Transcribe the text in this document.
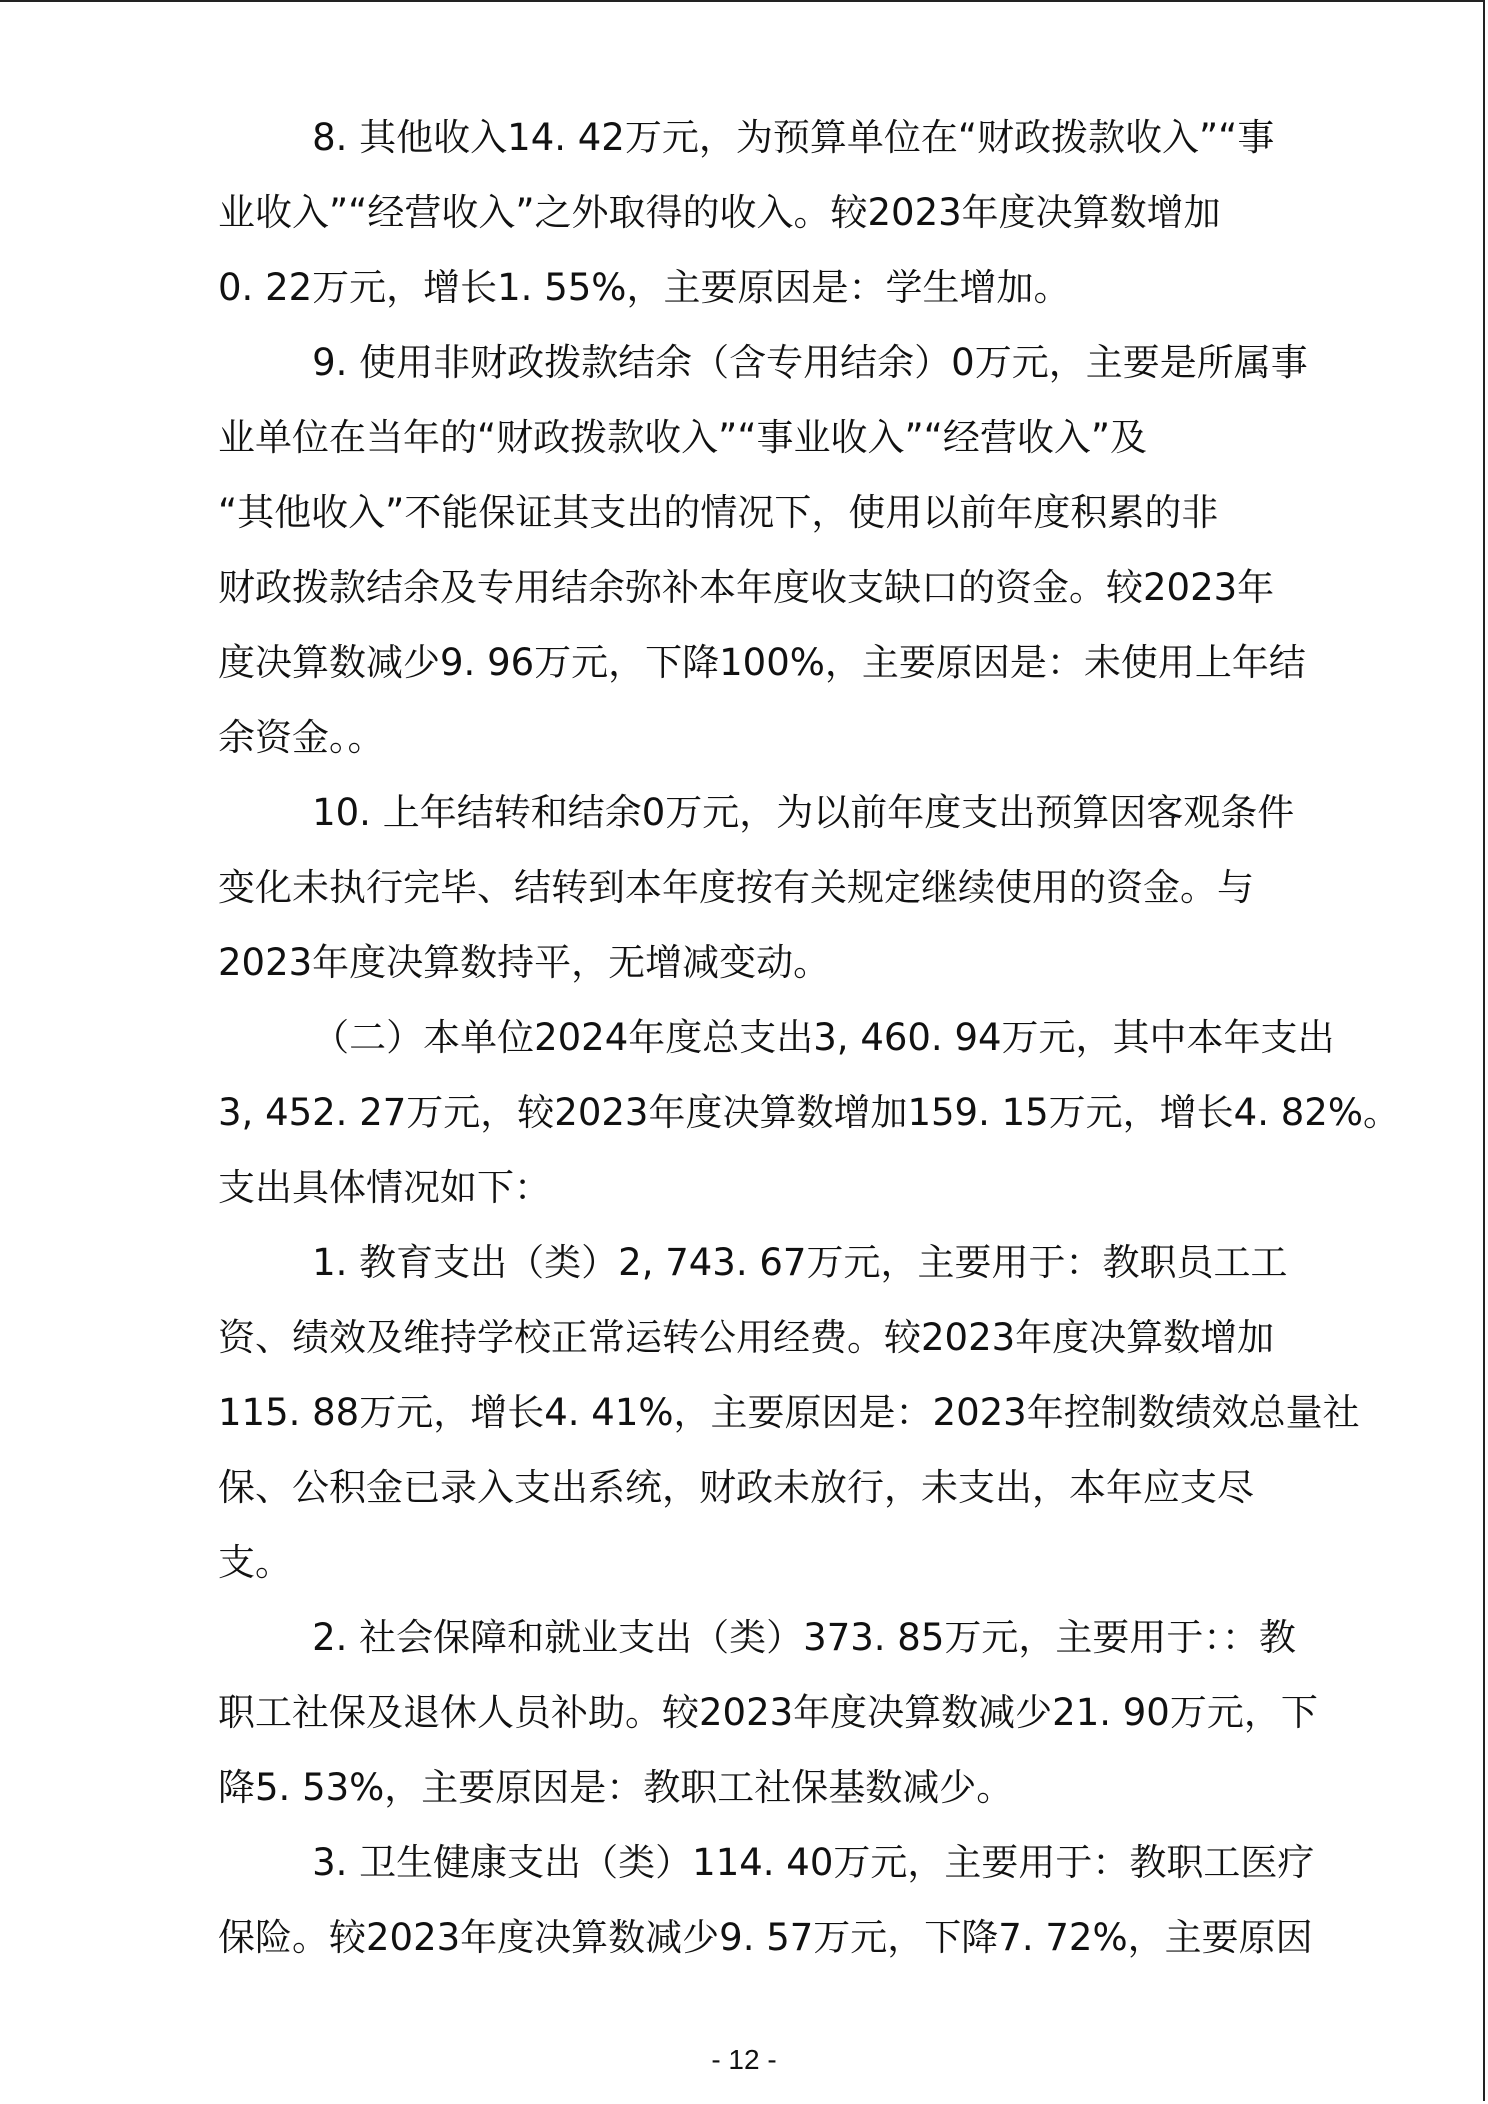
8. 其他收入14. 42万元，为预算单位在“财政拨款收入”“事
业收入”“经营收入”之外取得的收入。较2023年度决算数增加
0. 22万元，增长1. 55%，主要原因是：学生增加。
9. 使用非财政拨款结余（含专用结余）0万元，主要是所属事
业单位在当年的“财政拨款收入”“事业收入”“经营收入”及
“其他收入”不能保证其支出的情况下，使用以前年度积累的非
财政拨款结余及专用结余弥补本年度收支缺口的资金。较2023年
度决算数减少9. 96万元，下降100%，主要原因是：未使用上年结
余资金。。
10. 上年结转和结余0万元，为以前年度支出预算因客观条件
变化未执行完毕、结转到本年度按有关规定继续使用的资金。与
2023年度决算数持平，无增减变动。
（二）本单位2024年度总支出3, 460. 94万元，其中本年支出
3, 452. 27万元，较2023年度决算数增加159. 15万元，增长4. 82%。
支出具体情况如下：
1. 教育支出（类）2, 743. 67万元，主要用于：教职员工工
资、绩效及维持学校正常运转公用经费。较2023年度决算数增加
115. 88万元，增长4. 41%，主要原因是：2023年控制数绩效总量社
保、公积金已录入支出系统，财政未放行，未支出，本年应支尽
支。
2. 社会保障和就业支出（类）373. 85万元，主要用于：：教
职工社保及退休人员补助。较2023年度决算数减少21. 90万元，下
降5. 53%，主要原因是：教职工社保基数减少。
3. 卫生健康支出（类）114. 40万元，主要用于：教职工医疗
保险。较2023年度决算数减少9. 57万元，下降7. 72%，主要原因
- 12 -
